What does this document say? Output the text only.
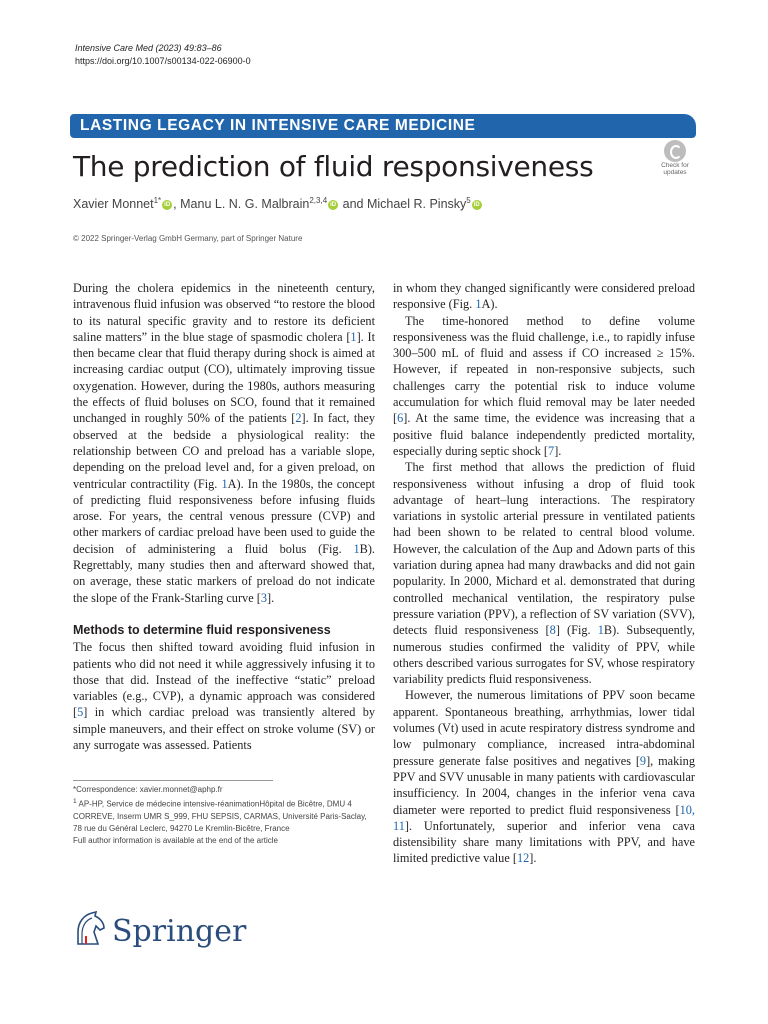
Intensive Care Med (2023) 49:83–86
https://doi.org/10.1007/s00134-022-06900-0
LASTING LEGACY IN INTENSIVE CARE MEDICINE
The prediction of fluid responsiveness	Check for
updates
Xavier Monnet$^{1*}$ iD , Manu L. N. G. Malbrain$^{2,3,4}$ iD and Michael R. Pinsky$^5$ iD
© 2022 Springer-Verlag GmbH Germany, part of Springer Nature

During the cholera epidemics in the nineteenth century, intravenous fluid infusion was observed “to restore the blood to its natural specific gravity and to restore its deficient saline matters” in the blue stage of spasmodic cholera [1]. It then became clear that fluid therapy during shock is aimed at increasing cardiac output (CO), ultimately improving tissue oxygenation. However, during the 1980s, authors measuring the effects of fluid boluses on SCO, found that it remained unchanged in roughly 50% of the patients [2]. In fact, they observed at the bedside a physiological reality: the relationship between CO and preload has a variable slope, depending on the preload level and, for a given preload, on ventricular contractility (Fig. 1A). In the 1980s, the concept of predicting fluid responsiveness before infusing fluids arose. For years, the central venous pressure (CVP) and other markers of cardiac preload have been used to guide the decision of administering a fluid bolus (Fig. 1B). Regrettably, many studies then and afterward showed that, on average, these static markers of preload do not indicate the slope of the Frank-Starling curve [3].

Methods to determine fluid responsiveness

The focus then shifted toward avoiding fluid infusion in patients who did not need it while aggressively infusing it to those that did. Instead of the ineffective “static” preload variables (e.g., CVP), a dynamic approach was considered [5] in which cardiac preload was transiently altered by simple maneuvers, and their effect on stroke volume (SV) or any surrogate was assessed. Patients

in whom they changed significantly were considered preload responsive (Fig. 1A).

The time-honored method to define volume responsiveness was the fluid challenge, i.e., to rapidly infuse 300–500 mL of fluid and assess if CO increased ≥ 15%. However, if repeated in non-responsive subjects, such challenges carry the potential risk to induce volume accumulation for which fluid removal may be later needed [6]. At the same time, the evidence was increasing that a positive fluid balance independently predicted mortality, especially during septic shock [7].

The first method that allows the prediction of fluid responsiveness without infusing a drop of fluid took advantage of heart–lung interactions. The respiratory variations in systolic arterial pressure in ventilated patients had been shown to be related to central blood volume. However, the calculation of the Δup and Δdown parts of this variation during apnea had many drawbacks and did not gain popularity. In 2000, Michard et al. demonstrated that during controlled mechanical ventilation, the respiratory pulse pressure variation (PPV), a reflection of SV variation (SVV), detects fluid responsiveness [8] (Fig. 1B). Subsequently, numerous studies confirmed the validity of PPV, while others described various surrogates for SV, whose respiratory variability predicts fluid responsiveness.

However, the numerous limitations of PPV soon became apparent. Spontaneous breathing, arrhythmias, lower tidal volumes (Vt) used in acute respiratory distress syndrome and low pulmonary compliance, increased intra-abdominal pressure generate false positives and negatives [9], making PPV and SVV unusable in many patients with cardiovascular insufficiency. In 2004, changes in the inferior vena cava diameter were reported to predict fluid responsiveness [10, 11]. Unfortunately, superior and inferior vena cava distensibility share many limitations with PPV, and have limited predictive value [12].

*Correspondence: xavier.monnet@aphp.fr

$^1$ AP-HP, Service de médecine intensive-réanimationHôpital de Bicêtre, DMU 4 CORREVE, Inserm UMR S_999, FHU SEPSIS, CARMAS, Université Paris-Saclay, 78 rue du Général Leclerc, 94270 Le Kremlin-Bicêtre, France

Full author information is available at the end of the article

Springer
